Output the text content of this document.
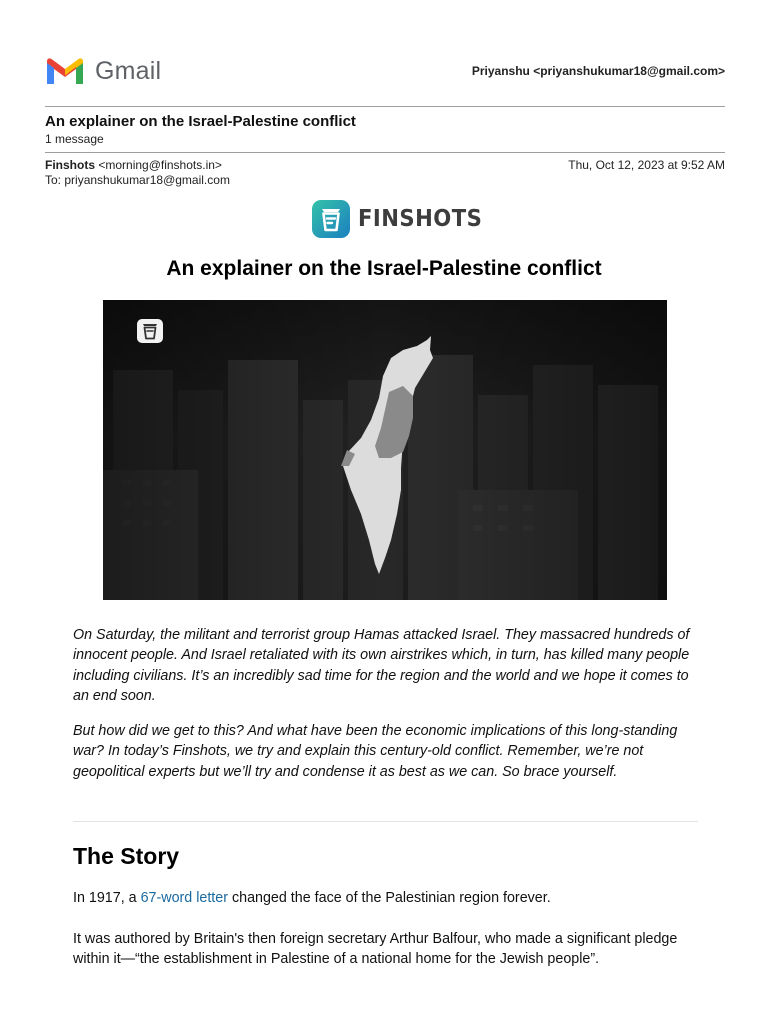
Gmail	Priyanshu <priyanshukumar18@gmail.com>
An explainer on the Israel-Palestine conflict
1 message
Finshots <morning@finshots.in>
To: priyanshukumar18@gmail.com
Thu, Oct 12, 2023 at 9:52 AM
FINSHOTS
An explainer on the Israel-Palestine conflict

On Saturday, the militant and terrorist group Hamas attacked Israel. They massacred hundreds of innocent people. And Israel retaliated with its own airstrikes which, in turn, has killed many people including civilians. It’s an incredibly sad time for the region and the world and we hope it comes to an end soon.

But how did we get to this? And what have been the economic implications of this long-standing war? In today’s Finshots, we try and explain this century-old conflict. Remember, we’re not geopolitical experts but we’ll try and condense it as best as we can. So brace yourself.

The Story

In 1917, a 67-word letter changed the face of the Palestinian region forever.

It was authored by Britain's then foreign secretary Arthur Balfour, who made a significant pledge within it—“the establishment in Palestine of a national home for the Jewish people”.
